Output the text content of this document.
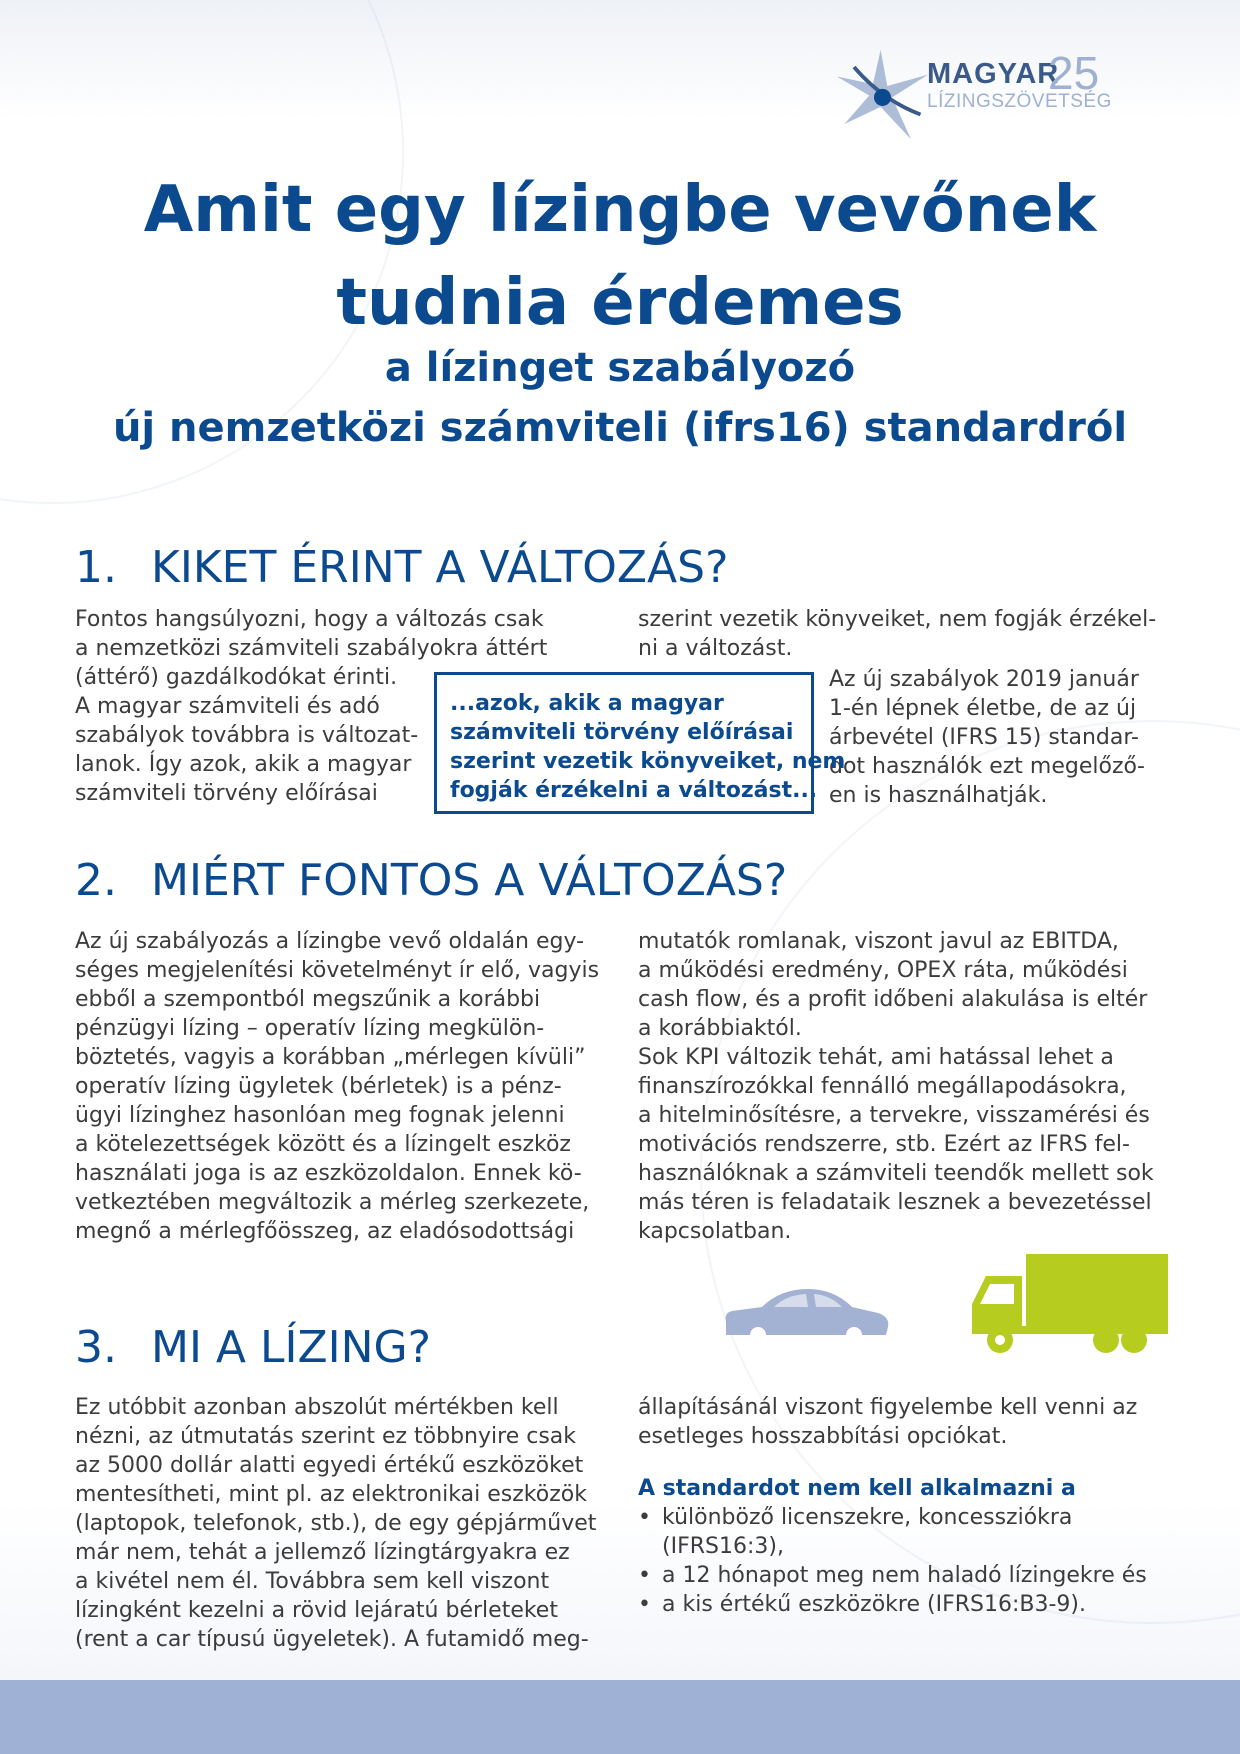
MAGYAR
25
LÍZINGSZÖVETSÉG
Amit egy lízingbe vevőnek
tudnia érdemes
a lízinget szabályozó
új nemzetközi számviteli (ifrs16) standardról
1. KIKET ÉRINT A VÁLTOZÁS?
Fontos hangsúlyozni, hogy a változás csak
a nemzetközi számviteli szabályokra áttért
(áttérő) gazdálkodókat érinti.
A magyar számviteli és adó
szabályok továbbra is változat-
lanok. Így azok, akik a magyar
számviteli törvény előírásai
szerint vezetik könyveiket, nem fogják érzékel-
ni a változást.
Az új szabályok 2019 január
1-én lépnek életbe, de az új
árbevétel (IFRS 15) standar-
dot használók ezt megelőző-
en is használhatják.
...azok, akik a magyar
számviteli törvény előírásai
szerint vezetik könyveiket, nem
fogják érzékelni a változást...
2. MIÉRT FONTOS A VÁLTOZÁS?
Az új szabályozás a lízingbe vevő oldalán egy-
séges megjelenítési követelményt ír elő, vagyis
ebből a szempontból megszűnik a korábbi
pénzügyi lízing – operatív lízing megkülön-
böztetés, vagyis a korábban „mérlegen kívüli”
operatív lízing ügyletek (bérletek) is a pénz-
ügyi lízinghez hasonlóan meg fognak jelenni
a kötelezettségek között és a lízingelt eszköz
használati joga is az eszközoldalon. Ennek kö-
vetkeztében megváltozik a mérleg szerkezete,
megnő a mérlegfőösszeg, az eladósodottsági
mutatók romlanak, viszont javul az EBITDA,
a működési eredmény, OPEX ráta, működési
cash flow, és a profit időbeni alakulása is eltér
a korábbiaktól.
Sok KPI változik tehát, ami hatással lehet a
finanszírozókkal fennálló megállapodásokra,
a hitelminősítésre, a tervekre, visszamérési és
motivációs rendszerre, stb. Ezért az IFRS fel-
használóknak a számviteli teendők mellett sok
más téren is feladataik lesznek a bevezetéssel
kapcsolatban.
3. MI A LÍZING?
Ez utóbbit azonban abszolút mértékben kell
nézni, az útmutatás szerint ez többnyire csak
az 5000 dollár alatti egyedi értékű eszközöket
mentesítheti, mint pl. az elektronikai eszközök
(laptopok, telefonok, stb.), de egy gépjárművet
már nem, tehát a jellemző lízingtárgyakra ez
a kivétel nem él. Továbbra sem kell viszont
lízingként kezelni a rövid lejáratú bérleteket
(rent a car típusú ügyeletek). A futamidő meg-
állapításánál viszont figyelembe kell venni az
esetleges hosszabbítási opciókat.
A standardot nem kell alkalmazni a
• különböző licenszekre, koncessziókra
(IFRS16:3),
• a 12 hónapot meg nem haladó lízingekre és
• a kis értékű eszközökre (IFRS16:B3-9).
